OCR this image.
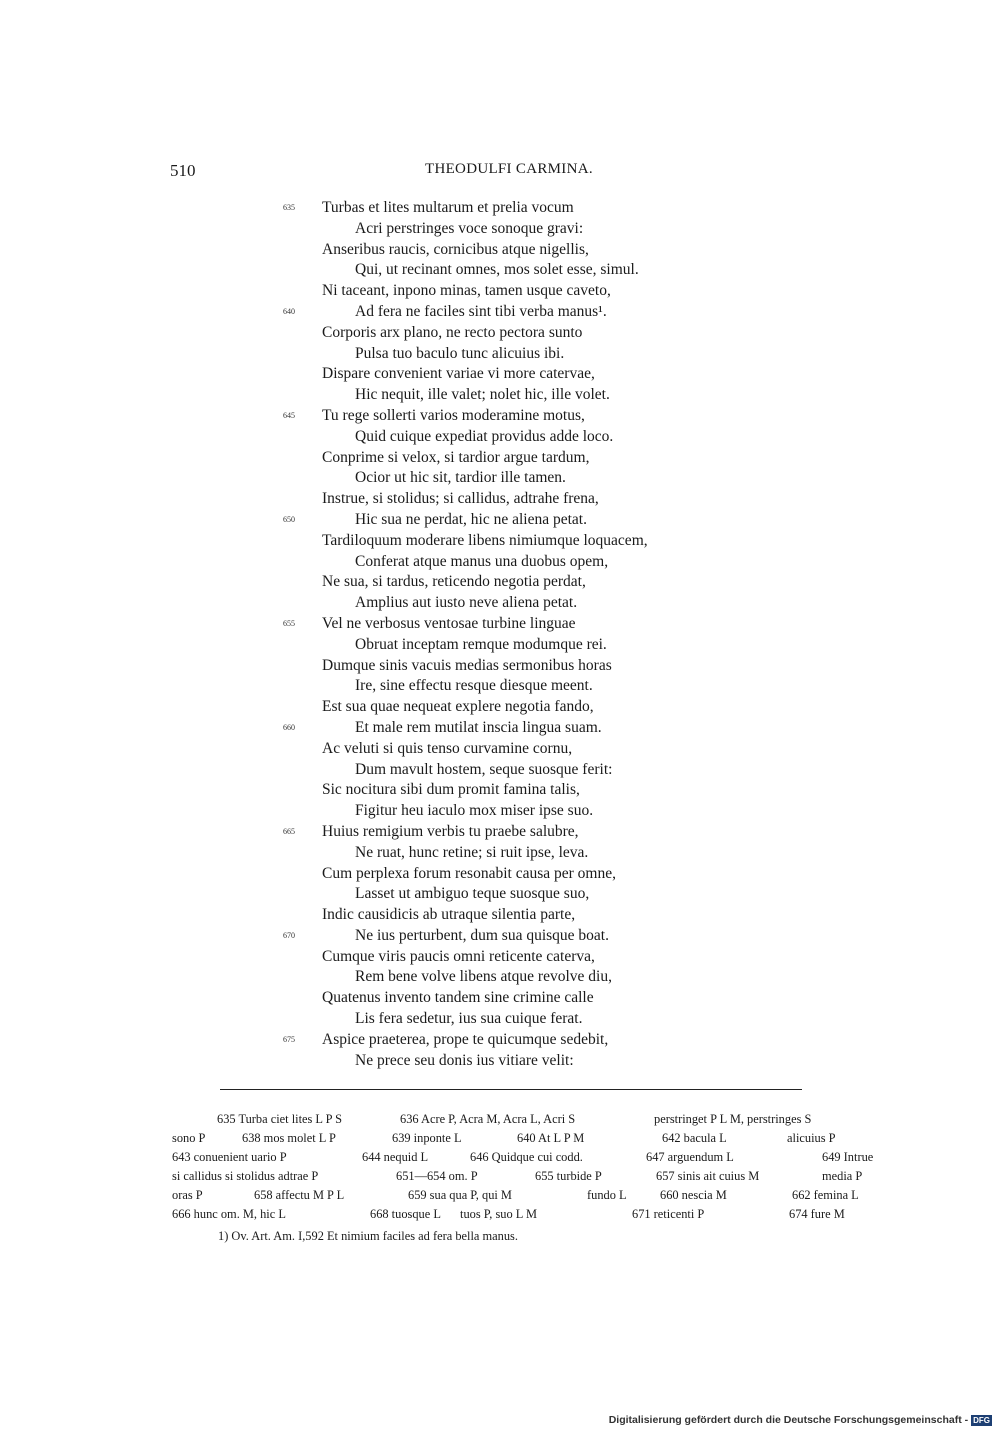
510	THEODULFI CARMINA.
635 Turbas et lites multarum et prelia vocum
Acri perstringes voce sonoque gravi:
Anseribus raucis, cornicibus atque nigellis,
Qui, ut recinant omnes, mos solet esse, simul.
Ni taceant, inpono minas, tamen usque caveto,
640	Ad fera ne faciles sint tibi verba manus¹.
Corporis arx plano, ne recto pectora sunto
Pulsa tuo baculo tunc alicuius ibi.
Dispare convenient variae vi more catervae,
Hic nequit, ille valet; nolet hic, ille volet.
645 Tu rege sollerti varios moderamine motus,
Quid cuique expediat providus adde loco.
Conprime si velox, si tardior argue tardum,
Ocior ut hic sit, tardior ille tamen.
Instrue, si stolidus; si callidus, adtrahe frena,
650	Hic sua ne perdat, hic ne aliena petat.
Tardiloquum moderare libens nimiumque loquacem,
Conferat atque manus una duobus opem,
Ne sua, si tardus, reticendo negotia perdat,
Amplius aut iusto neve aliena petat.
655 Vel ne verbosus ventosae turbine linguae
Obruat inceptam remque modumque rei.
Dumque sinis vacuis medias sermonibus horas
Ire, sine effectu resque diesque meent.
Est sua quae nequeat explere negotia fando,
660	Et male rem mutilat inscia lingua suam.
Ac veluti si quis tenso curvamine cornu,
Dum mavult hostem, seque suosque ferit:
Sic nocitura sibi dum promit famina talis,
Figitur heu iaculo mox miser ipse suo.
665 Huius remigium verbis tu praebe salubre,
Ne ruat, hunc retine; si ruit ipse, leva.
Cum perplexa forum resonabit causa per omne,
Lasset ut ambiguo teque suosque suo,
Indic causidicis ab utraque silentia parte,
670	Ne ius perturbent, dum sua quisque boat.
Cumque viris paucis omni reticente caterva,
Rem bene volve libens atque revolve diu,
Quatenus invento tandem sine crimine calle
Lis fera sedetur, ius sua cuique ferat.
675 Aspice praeterea, prope te quicumque sedebit,
Ne prece seu donis ius vitiare velit:
635 Turba ciet lites L P S	636 Acre P, Acra M, Acra L, Acri S	perstringet P L M, perstringes S
sono P	638 mos molet L P	639 inponte L	640 At L P M	642 bacula L	alicuius P
643 conuenient uario P	644 nequid L	646 Quidque cui codd.	647 arguendum L	649 Intrue
si callidus si stolidus adtrae P	651—654 om. P	655 turbide P	657 sinis ait cuius M	media P
oras P	658 affectu M P L	659 sua qua P, qui M	fundo L	660 nescia M	662 femina L
666 hunc om. M, hic L	668 tuosque L tuos P, suo L M	671 reticenti P	674 fure M
1) Ov. Art. Am. I,592 Et nimium faciles ad fera bella manus.
Digitalisierung gefördert durch die Deutsche Forschungsgemeinschaft - DFG
